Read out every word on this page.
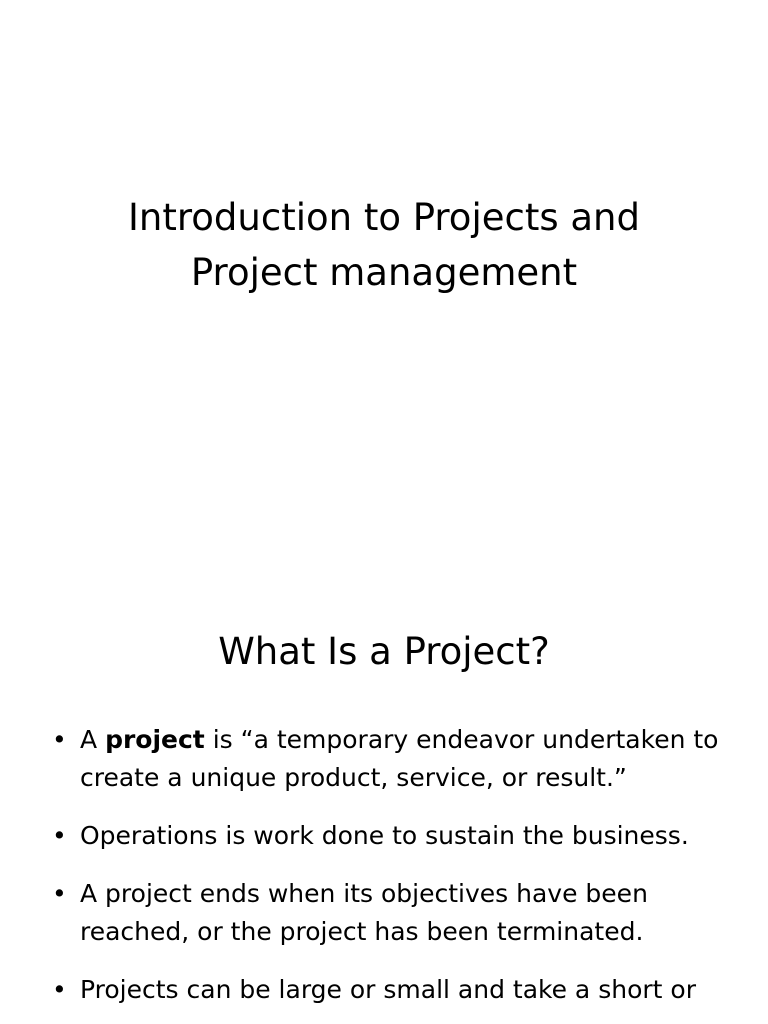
Introduction to Projects and
Project management
What Is a Project?
• A project is “a temporary endeavor undertaken to create a unique product, service, or result.”
• Operations is work done to sustain the business.
• A project ends when its objectives have been reached, or the project has been terminated.
• Projects can be large or small and take a short or
